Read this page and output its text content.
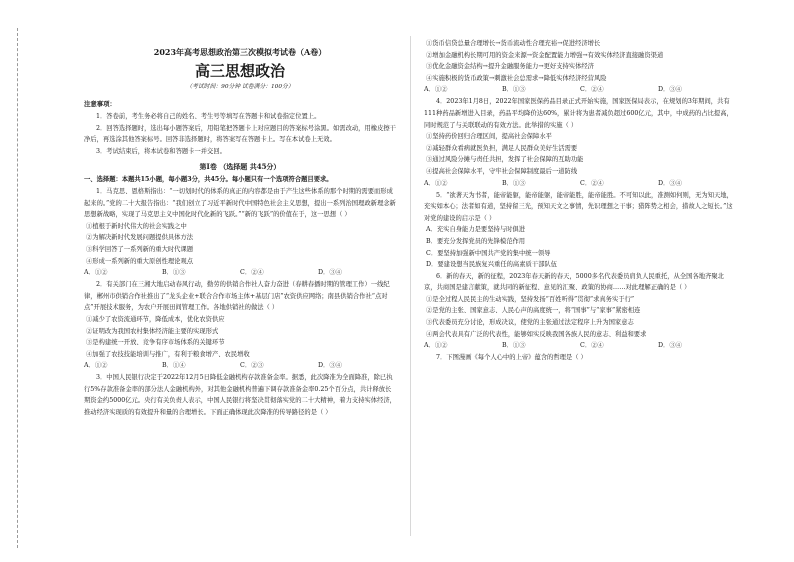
2023年高考思想政治第三次模拟考试卷（A卷）
高三思想政治
（考试时间：90分钟 试卷满分：100分）
注意事项：
1．答卷前，考生务必将自己的姓名、考生号等填写在答题卡和试卷指定位置上。
2．回答选择题时，选出每小题答案后，用铅笔把答题卡上对应题目的答案标号涂黑。如需改动，用橡皮擦干净后，再选涂其他答案标号。回答非选择题时，将答案写在答题卡上。写在本试卷上无效。
3．考试结束后，将本试卷和答题卡一并交回。
第Ⅰ卷 （选择题 共45分）
一、选择题：本题共15小题，每小题3分，共45分。每小题只有一个选项符合题目要求。
1．马克思、恩格斯指出：“一切划时代的体系的真正的内容都是由于产生这些体系的那个时期的需要而形成起来的。”党的二十大报告指出：“我们创立了习近平新时代中国特色社会主义思想，提出一系列治国理政新理念新思想新战略，实现了马克思主义中国化时代化新的飞跃。”“新的飞跃”的价值在于，这一思想（ ）
①植根于新时代伟大的社会实践之中
②为解决新时代发展问题提供具体方法
③科学回答了一系列新的重大时代课题
④形成一系列新的重大原创性理论观点
A．①②	B．①③	C．②④	D．③④
2．有关部门在三湘大地启动春风行动，勤劳的供销合作社人奋力奋进（春耕春播时期的管理工作）一线纪律，郴州市供销合作社推出了“龙头企业+联合合作市场主体+基层门店”农资供应网络；南县供销合作社“点对点”开展技术服务，为农户开展田间管理工作。各地供销社的做法（ ）
①减少了农资流通环节，降低成本，优化农资供应
②证明改为我国农村集体经济能主要的实现形式
③是构建统一开放、竞争有序市场体系的关键环节
④加强了农技技能培训与推广，有利于粮食增产、农民增收
A．①②	B．①④	C．②③	D．③④
3．中国人民银行决定于2022年12月5日降低金融机构存款准备金率。据悉，此次降准为全面降准，除已执行5%存款准备金率的部分法人金融机构外，对其他金融机构普遍下调存款准备金率0.25个百分点，共计释放长期资金约5000亿元。央行有关负责人表示，中国人民银行将坚决贯彻落实党的二十大精神，着力支持实体经济，推动经济实现质的有效提升和量的合理增长。下面正确体现此次降准的传导路径的是（ ）
①货币信贷总量合理增长→货币流动性合理充裕→促进经济增长
②增加金融机构长期可用的资金来源→资金配置能力增强→有效实体经济直接融资渠道
③优化金融资金结构→提升金融服务能力→更好支持实体经济
④实施积极的货币政策→刺激社会总需求→降低实体经济经营风险
A．①②	B．①③	C．②④	D．③④
4．2023年1月8日，2022年国家医保药品目录正式开始实施，国家医保局表示，在规划的3年期间，共有111种药品新增进入目录，药品平均降价达60%，累计将为患者减负超过600亿元，其中，中成药的占比提高，同时规范了与关联联动的有效方法。此举措的实施（ ）
①坚持药价回归合理区间，提高社会保障水平
②减轻群众看病就医负担，满足人民群众美好生活需要
③通过风险分摊与责任共担，发挥了社会保障的互助功能
④提高社会保障水平，守牢社会保障制度最后一道防线
A．①②	B．①③	C．②④	D．③④
5．“欲著天为书者，能帝能躯，能帝能躯，能帝能胜，能帝能胜。不可知以此，准测如何则，无为知天地，充实如本心；法者如有道，坚持留三光，预知天文之事情，先识理想之干事；猎阵势之相会，措故人之短长。”这对党的建设的启示是（ ）
A．充实自身能力是要坚持与时俱进
B．要充分发挥党员的先锋模范作用
C．要坚持加强新中国共产党的集中统一领导
D．要建设想当民族复兴重任的高素质干部队伍
6．新的春天，新的征程，2023年春天新的春天，5000多名代表委员肩负人民重托，从全国各地齐聚北京，共商国是建言献策，就共同的新征程、意见的汇聚、政策的协商……对此理解正确的是（ ）
①是全过程人民民主的生动实践，坚持发扬“百姓听得”贯彻“求真务实于行”
②是党的主张、国家意志、人民心声的高度统一，将“国事”与“家事”紧密相连
③代表委员充分讨论，形成决议，使党的主张通过法定程序上升为国家意志
④两会代表具有广泛的代表性，能够如实反映我国各族人民的意志、利益和要求
A．①②	B．①③	C．②④	D．③④
7．下图漫画《每个人心中的上帝》蕴含的哲理是（ ）
